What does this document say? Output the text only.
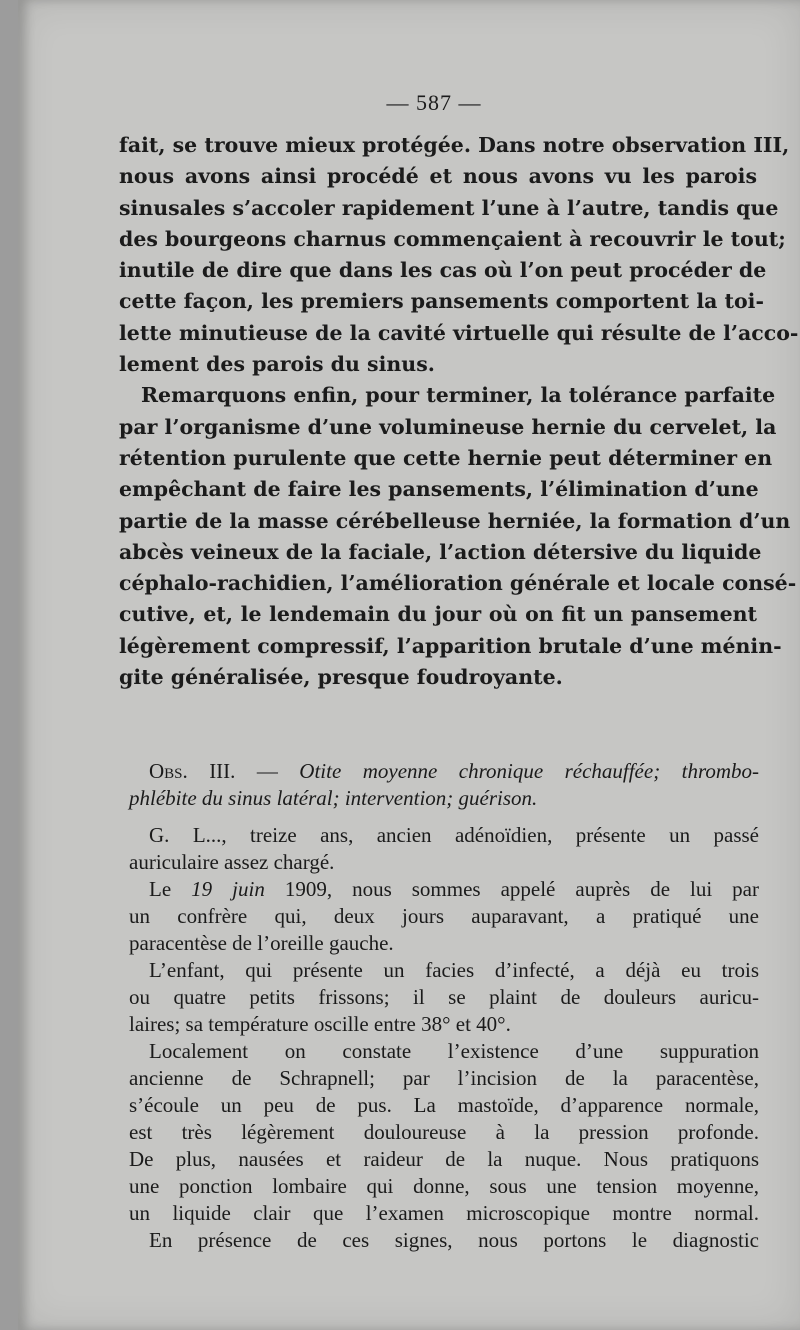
— 587 —

fait, se trouve mieux protégée. Dans notre observation III,
nous avons ainsi procédé et nous avons vu les parois
sinusales s’accoler rapidement l’une à l’autre, tandis que
des bourgeons charnus commençaient à recouvrir le tout;
inutile de dire que dans les cas où l’on peut procéder de
cette façon, les premiers pansements comportent la toi-
lette minutieuse de la cavité virtuelle qui résulte de l’acco-
lement des parois du sinus.

Remarquons enfin, pour terminer, la tolérance parfaite
par l’organisme d’une volumineuse hernie du cervelet, la
rétention purulente que cette hernie peut déterminer en
empêchant de faire les pansements, l’élimination d’une
partie de la masse cérébelleuse herniée, la formation d’un
abcès veineux de la faciale, l’action détersive du liquide
céphalo-rachidien, l’amélioration générale et locale consé-
cutive, et, le lendemain du jour où on fit un pansement
légèrement compressif, l’apparition brutale d’une ménin-
gite généralisée, presque foudroyante.

Obs. III. — Otite moyenne chronique réchauffée; thrombo-
phlébite du sinus latéral; intervention; guérison.
G. L..., treize ans, ancien adénoïdien, présente un passé
auriculaire assez chargé.
Le 19 juin 1909, nous sommes appelé auprès de lui par
un confrère qui, deux jours auparavant, a pratiqué une
paracentèse de l’oreille gauche.
L’enfant, qui présente un facies d’infecté, a déjà eu trois
ou quatre petits frissons; il se plaint de douleurs auricu-
laires; sa température oscille entre 38° et 40°.
Localement on constate l’existence d’une suppuration
ancienne de Schrapnell; par l’incision de la paracentèse,
s’écoule un peu de pus. La mastoïde, d’apparence normale,
est très légèrement douloureuse à la pression profonde.
De plus, nausées et raideur de la nuque. Nous pratiquons
une ponction lombaire qui donne, sous une tension moyenne,
un liquide clair que l’examen microscopique montre normal.
En présence de ces signes, nous portons le diagnostic
